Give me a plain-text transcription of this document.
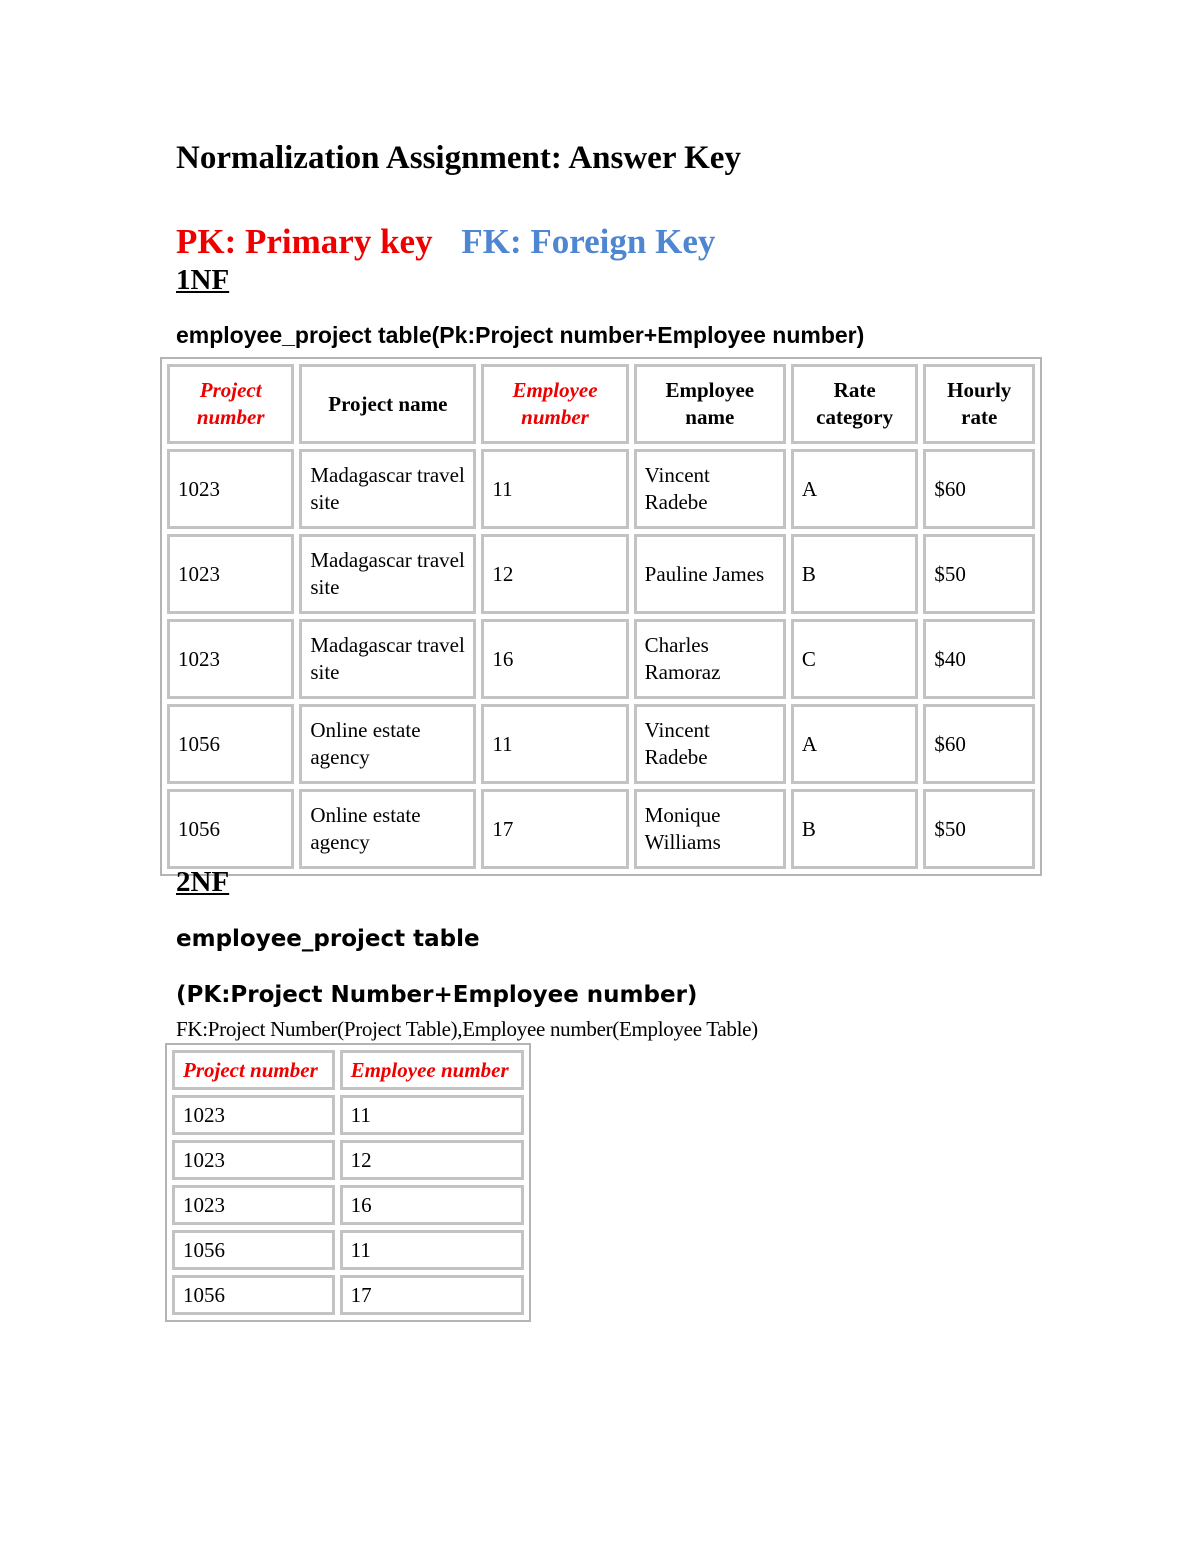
Normalization Assignment: Answer Key
PK: Primary key FK: Foreign Key
1NF
employee_project table(Pk:Project number+Employee number)
Project number	Project name	Employee number	Employee name	Rate category	Hourly rate
1023	Madagascar travel site	11	Vincent Radebe	A	$60
1023	Madagascar travel site	12	Pauline James	B	$50
1023	Madagascar travel site	16	Charles Ramoraz	C	$40
1056	Online estate agency	11	Vincent Radebe	A	$60
1056	Online estate agency	17	Monique Williams	B	$50
2NF
employee_project table
(PK:Project Number+Employee number)
FK:Project Number(Project Table),Employee number(Employee Table)
Project number	Employee number
1023	11
1023	12
1023	16
1056	11
1056	17
